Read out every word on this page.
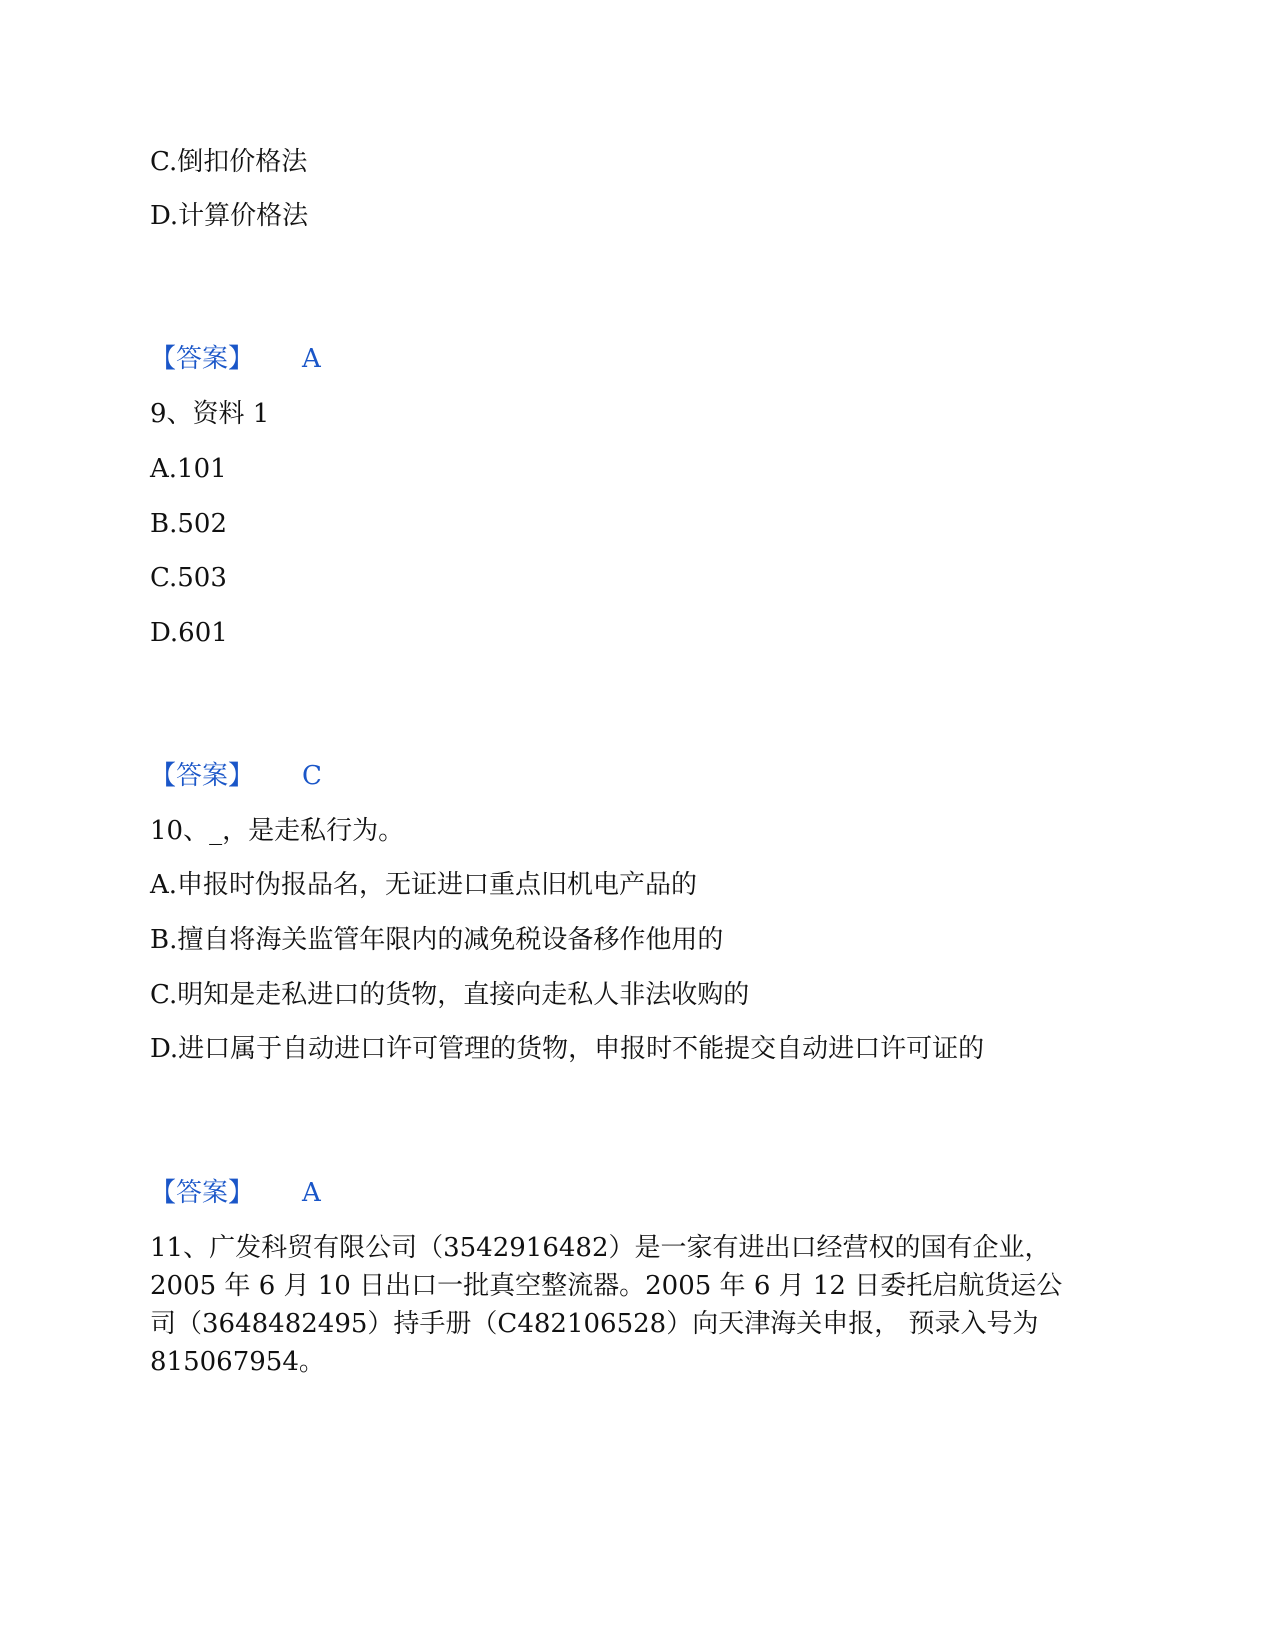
C.倒扣价格法
D.计算价格法
【答案】 A
9、资料 1
A.101
B.502
C.503
D.601
【答案】 C
10、_，是走私行为。
A.申报时伪报品名，无证进口重点旧机电产品的
B.擅自将海关监管年限内的减免税设备移作他用的
C.明知是走私进口的货物，直接向走私人非法收购的
D.进口属于自动进口许可管理的货物，申报时不能提交自动进口许可证的
【答案】 A
11、广发科贸有限公司（3542916482）是一家有进出口经营权的国有企业，
2005 年 6 月 10 日出口一批真空整流器。2005 年 6 月 12 日委托启航货运公
司（3648482495）持手册（C482106528）向天津海关申报， 预录入号为
815067954。
